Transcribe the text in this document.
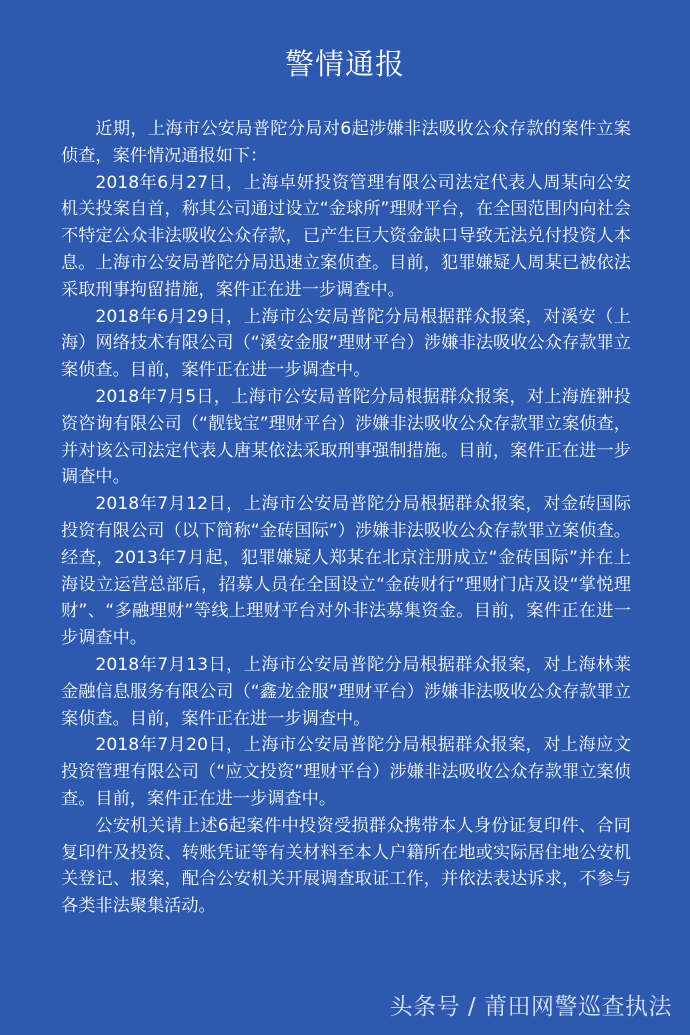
警情通报

近期，上海市公安局普陀分局对6起涉嫌非法吸收公众存款的案件立案侦查，案件情况通报如下：

2018年6月27日，上海卓妍投资管理有限公司法定代表人周某向公安机关投案自首，称其公司通过设立“金球所”理财平台，在全国范围内向社会不特定公众非法吸收公众存款，已产生巨大资金缺口导致无法兑付投资人本息。上海市公安局普陀分局迅速立案侦查。目前，犯罪嫌疑人周某已被依法采取刑事拘留措施，案件正在进一步调查中。

2018年6月29日，上海市公安局普陀分局根据群众报案，对溪安（上海）网络技术有限公司（“溪安金服”理财平台）涉嫌非法吸收公众存款罪立案侦查。目前，案件正在进一步调查中。

2018年7月5日，上海市公安局普陀分局根据群众报案，对上海旌翀投资咨询有限公司（“靓钱宝”理财平台）涉嫌非法吸收公众存款罪立案侦查，并对该公司法定代表人唐某依法采取刑事强制措施。目前，案件正在进一步调查中。

2018年7月12日，上海市公安局普陀分局根据群众报案，对金砖国际投资有限公司（以下简称“金砖国际”）涉嫌非法吸收公众存款罪立案侦查。经查，2013年7月起，犯罪嫌疑人郑某在北京注册成立“金砖国际”并在上海设立运营总部后，招募人员在全国设立“金砖财行”理财门店及设“掌悦理财”、“多融理财”等线上理财平台对外非法募集资金。目前，案件正在进一步调查中。

2018年7月13日，上海市公安局普陀分局根据群众报案，对上海林莱金融信息服务有限公司（“鑫龙金服”理财平台）涉嫌非法吸收公众存款罪立案侦查。目前，案件正在进一步调查中。

2018年7月20日，上海市公安局普陀分局根据群众报案，对上海应文投资管理有限公司（“应文投资”理财平台）涉嫌非法吸收公众存款罪立案侦查。目前，案件正在进一步调查中。

公安机关请上述6起案件中投资受损群众携带本人身份证复印件、合同复印件及投资、转账凭证等有关材料至本人户籍所在地或实际居住地公安机关登记、报案，配合公安机关开展调查取证工作，并依法表达诉求，不参与各类非法聚集活动。

头条号 / 莆田网警巡查执法
